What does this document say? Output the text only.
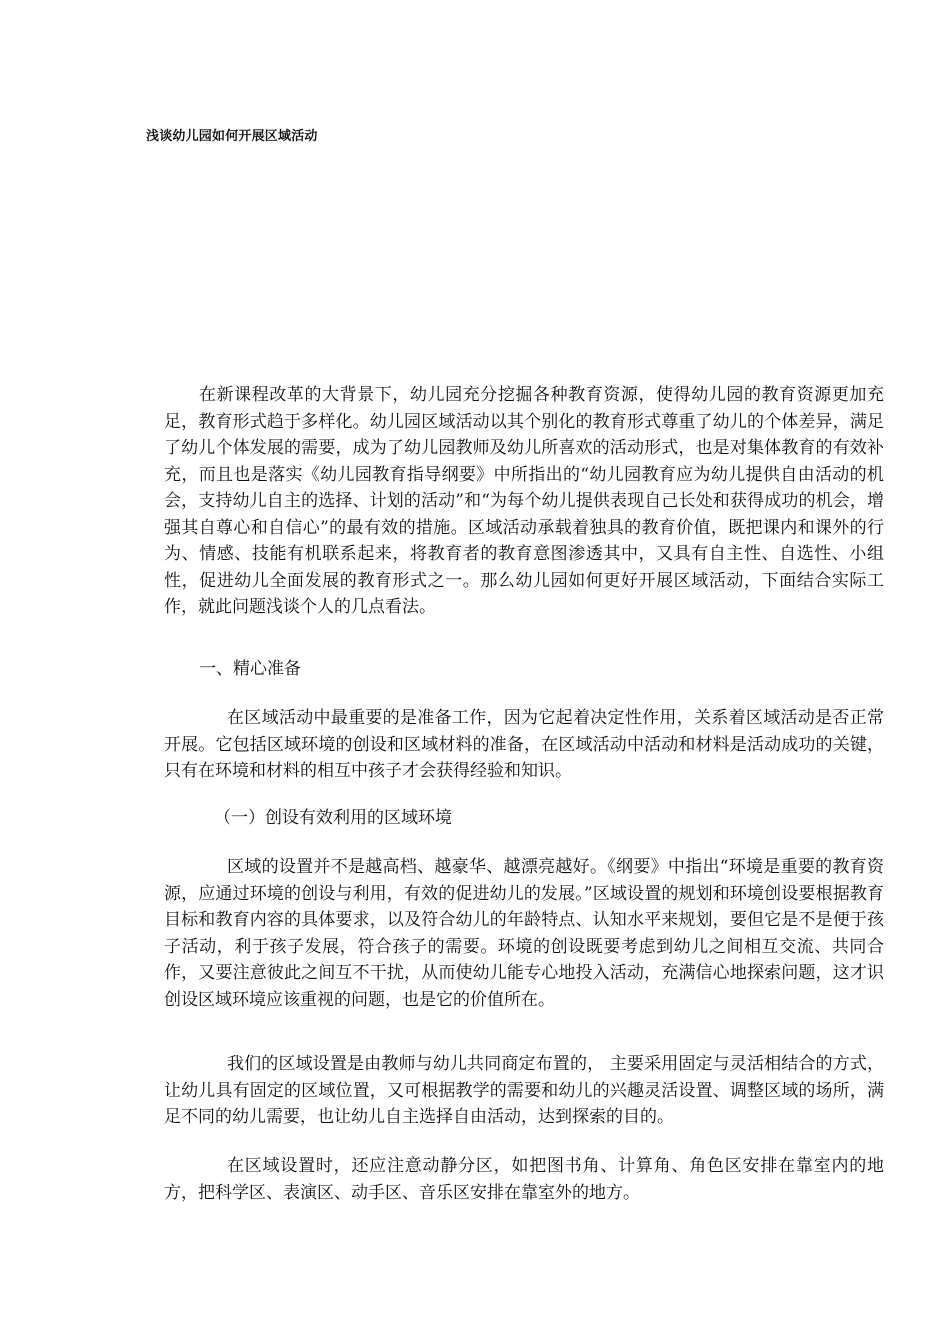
浅谈幼儿园如何开展区域活动

在新课程改革的大背景下，幼儿园充分挖掘各种教育资源，使得幼儿园的教育资源更加充足，教育形式趋于多样化。幼儿园区域活动以其个别化的教育形式尊重了幼儿的个体差异，满足了幼儿个体发展的需要，成为了幼儿园教师及幼儿所喜欢的活动形式，也是对集体教育的有效补充，而且也是落实《幼儿园教育指导纲要》中所指出的“幼儿园教育应为幼儿提供自由活动的机会，支持幼儿自主的选择、计划的活动”和“为每个幼儿提供表现自己长处和获得成功的机会，增强其自尊心和自信心”的最有效的措施。区域活动承载着独具的教育价值，既把课内和课外的行为、情感、技能有机联系起来，将教育者的教育意图渗透其中，又具有自主性、自选性、小组性，促进幼儿全面发展的教育形式之一。那么幼儿园如何更好开展区域活动，下面结合实际工作，就此问题浅谈个人的几点看法。

一、精心准备

在区域活动中最重要的是准备工作，因为它起着决定性作用，关系着区域活动是否正常开展。它包括区域环境的创设和区域材料的准备，在区域活动中活动和材料是活动成功的关键， 只有在环境和材料的相互中孩子才会获得经验和知识。

（一）创设有效利用的区域环境

区域的设置并不是越高档、越豪华、越漂亮越好。《纲要》中指出“环境是重要的教育资源，应通过环境的创设与利用，有效的促进幼儿的发展。”区域设置的规划和环境创设要根据教育目标和教育内容的具体要求，以及符合幼儿的年龄特点、认知水平来规划，要但它是不是便于孩子活动，利于孩子发展，符合孩子的需要。环境的创设既要考虑到幼儿之间相互交流、共同合作，又要注意彼此之间互不干扰，从而使幼儿能专心地投入活动，充满信心地探索问题，这才识创设区域环境应该重视的问题，也是它的价值所在。

我们的区域设置是由教师与幼儿共同商定布置的， 主要采用固定与灵活相结合的方式，让幼儿具有固定的区域位置，又可根据教学的需要和幼儿的兴趣灵活设置、调整区域的场所，满足不同的幼儿需要，也让幼儿自主选择自由活动，达到探索的目的。

在区域设置时，还应注意动静分区，如把图书角、计算角、角色区安排在靠室内的地方，把科学区、表演区、动手区、音乐区安排在靠室外的地方。
